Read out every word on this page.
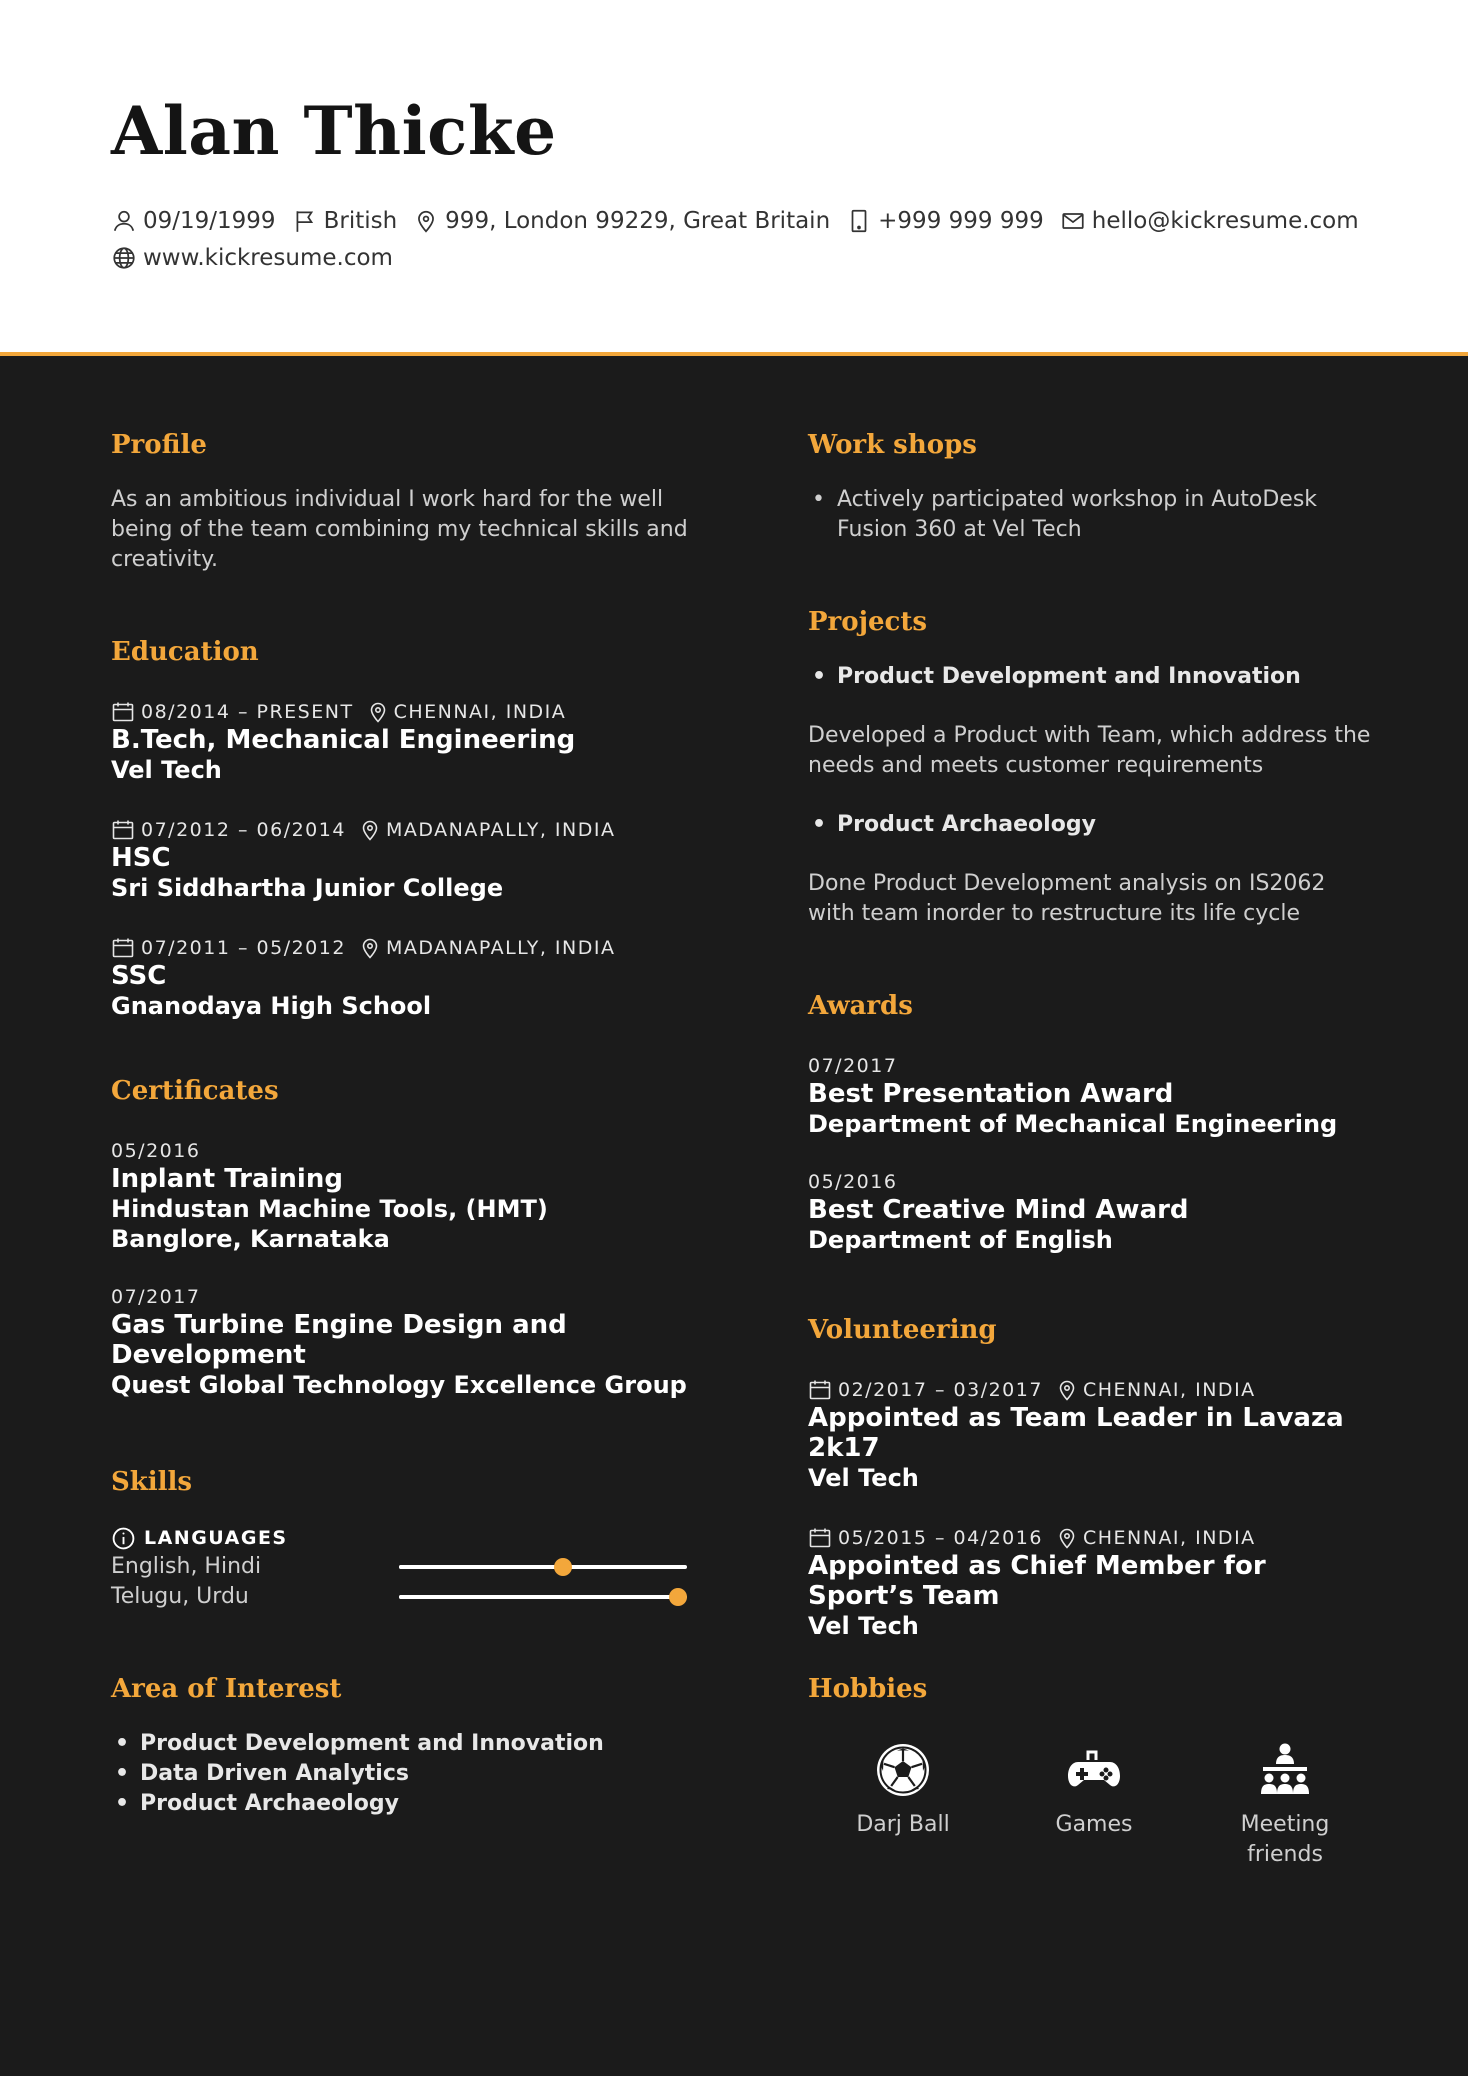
Alan Thicke
09/19/1999 British 999, London 99229, Great Britain +999 999 999 hello@kickresume.com
www.kickresume.com
Profile
As an ambitious individual I work hard for the well being of the team combining my technical skills and creativity.
Education
08/2014 – PRESENT CHENNAI, INDIA
B.Tech, Mechanical Engineering
Vel Tech
07/2012 – 06/2014 MADANAPALLY, INDIA
HSC
Sri Siddhartha Junior College
07/2011 – 05/2012 MADANAPALLY, INDIA
SSC
Gnanodaya High School
Certificates
05/2016
Inplant Training
Hindustan Machine Tools, (HMT) Banglore, Karnataka
07/2017
Gas Turbine Engine Design and Development
Quest Global Technology Excellence Group
Skills
LANGUAGES
English, Hindi
Telugu, Urdu
Area of Interest
• Product Development and Innovation
• Data Driven Analytics
• Product Archaeology
Work shops
• Actively participated workshop in AutoDesk Fusion 360 at Vel Tech
Projects
• Product Development and Innovation
Developed a Product with Team, which address the needs and meets customer requirements
• Product Archaeology
Done Product Development analysis on IS2062 with team inorder to restructure its life cycle
Awards
07/2017
Best Presentation Award
Department of Mechanical Engineering
05/2016
Best Creative Mind Award
Department of English
Volunteering
02/2017 – 03/2017 CHENNAI, INDIA
Appointed as Team Leader in Lavaza 2k17
Vel Tech
05/2015 – 04/2016 CHENNAI, INDIA
Appointed as Chief Member for Sport’s Team
Vel Tech
Hobbies
Darj Ball	Games	Meeting friends
